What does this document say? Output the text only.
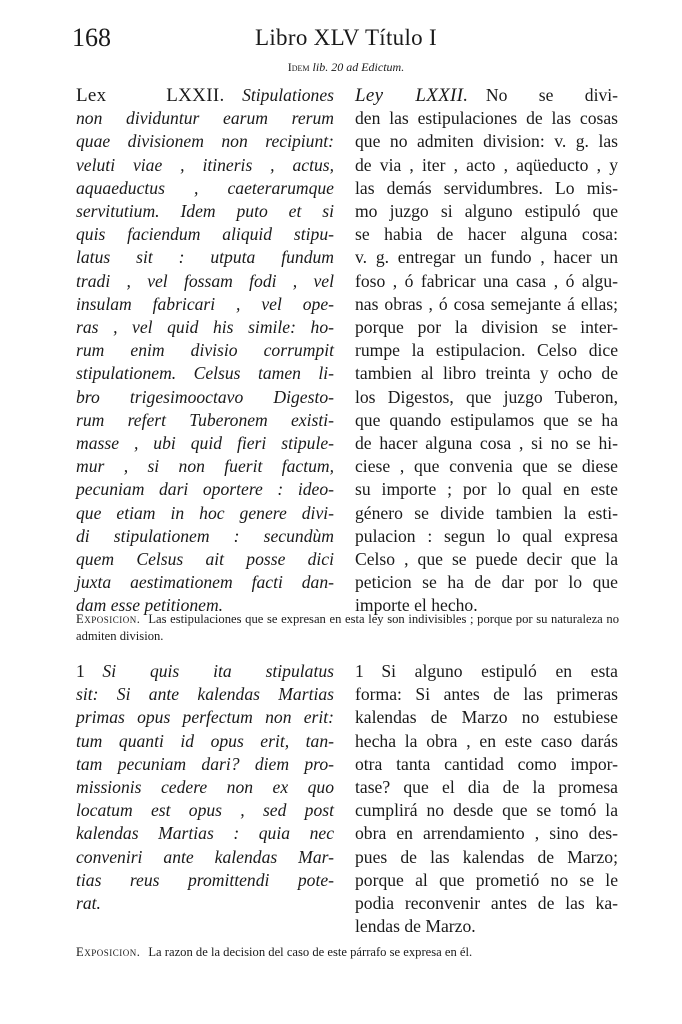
168	Libro XLV Título I
Idem lib. 20 ad Edictum.
Lex LXXII.  Stipulationes
non dividuntur earum rerum
quae divisionem non recipiunt:
veluti viae , itineris , actus,
aquaeductus , caeterarumque
servitutium. Idem puto et si
quis faciendum aliquid stipu-
latus sit : utputa fundum
tradi , vel fossam fodi , vel
insulam fabricari , vel ope-
ras , vel quid his simile: ho-
rum enim divisio corrumpit
stipulationem. Celsus tamen li-
bro trigesimooctavo Digesto-
rum refert Tuberonem existi-
masse , ubi quid fieri stipule-
mur , si non fuerit factum,
pecuniam dari oportere : ideo-
que etiam in hoc genere divi-
di stipulationem : secundùm
quem Celsus ait posse dici
juxta aestimationem facti dan-
dam esse petitionem.
Ley LXXII.  No se divi-
den las estipulaciones de las cosas
que no admiten division: v. g. las
de via , iter , acto , aqüeducto , y
las demás servidumbres. Lo mis-
mo juzgo si alguno estipuló que
se habia de hacer alguna cosa:
v. g. entregar un fundo , hacer un
foso , ó fabricar una casa , ó algu-
nas obras , ó cosa semejante á ellas;
porque por la division se inter-
rumpe la estipulacion. Celso dice
tambien al libro treinta y ocho de
los Digestos, que juzgo Tuberon,
que quando estipulamos que se ha
de hacer alguna cosa , si no se hi-
ciese , que convenia que se diese
su importe ; por lo qual en este
género se divide tambien la esti-
pulacion : segun lo qual expresa
Celso , que se puede decir que la
peticion se ha de dar por lo que
importe el hecho.
Exposicion. Las estipulaciones que se expresan en esta ley son indivisibles ; porque por su naturaleza no admiten division.
1  Si quis ita stipulatus
sit: Si ante kalendas Martias
primas opus perfectum non erit:
tum quanti id opus erit, tan-
tam pecuniam dari? diem pro-
missionis cedere non ex quo
locatum est opus , sed post
kalendas Martias : quia nec
conveniri ante kalendas Mar-
tias reus promittendi pote-
rat.
1  Si alguno estipuló en esta
forma: Si antes de las primeras
kalendas de Marzo no estubiese
hecha la obra , en este caso darás
otra tanta cantidad como impor-
tase? que el dia de la promesa
cumplirá no desde que se tomó la
obra en arrendamiento , sino des-
pues de las kalendas de Marzo;
porque al que prometió no se le
podia reconvenir antes de las ka-
lendas de Marzo.
Exposicion. La razon de la decision del caso de este párrafo se expresa en él.
